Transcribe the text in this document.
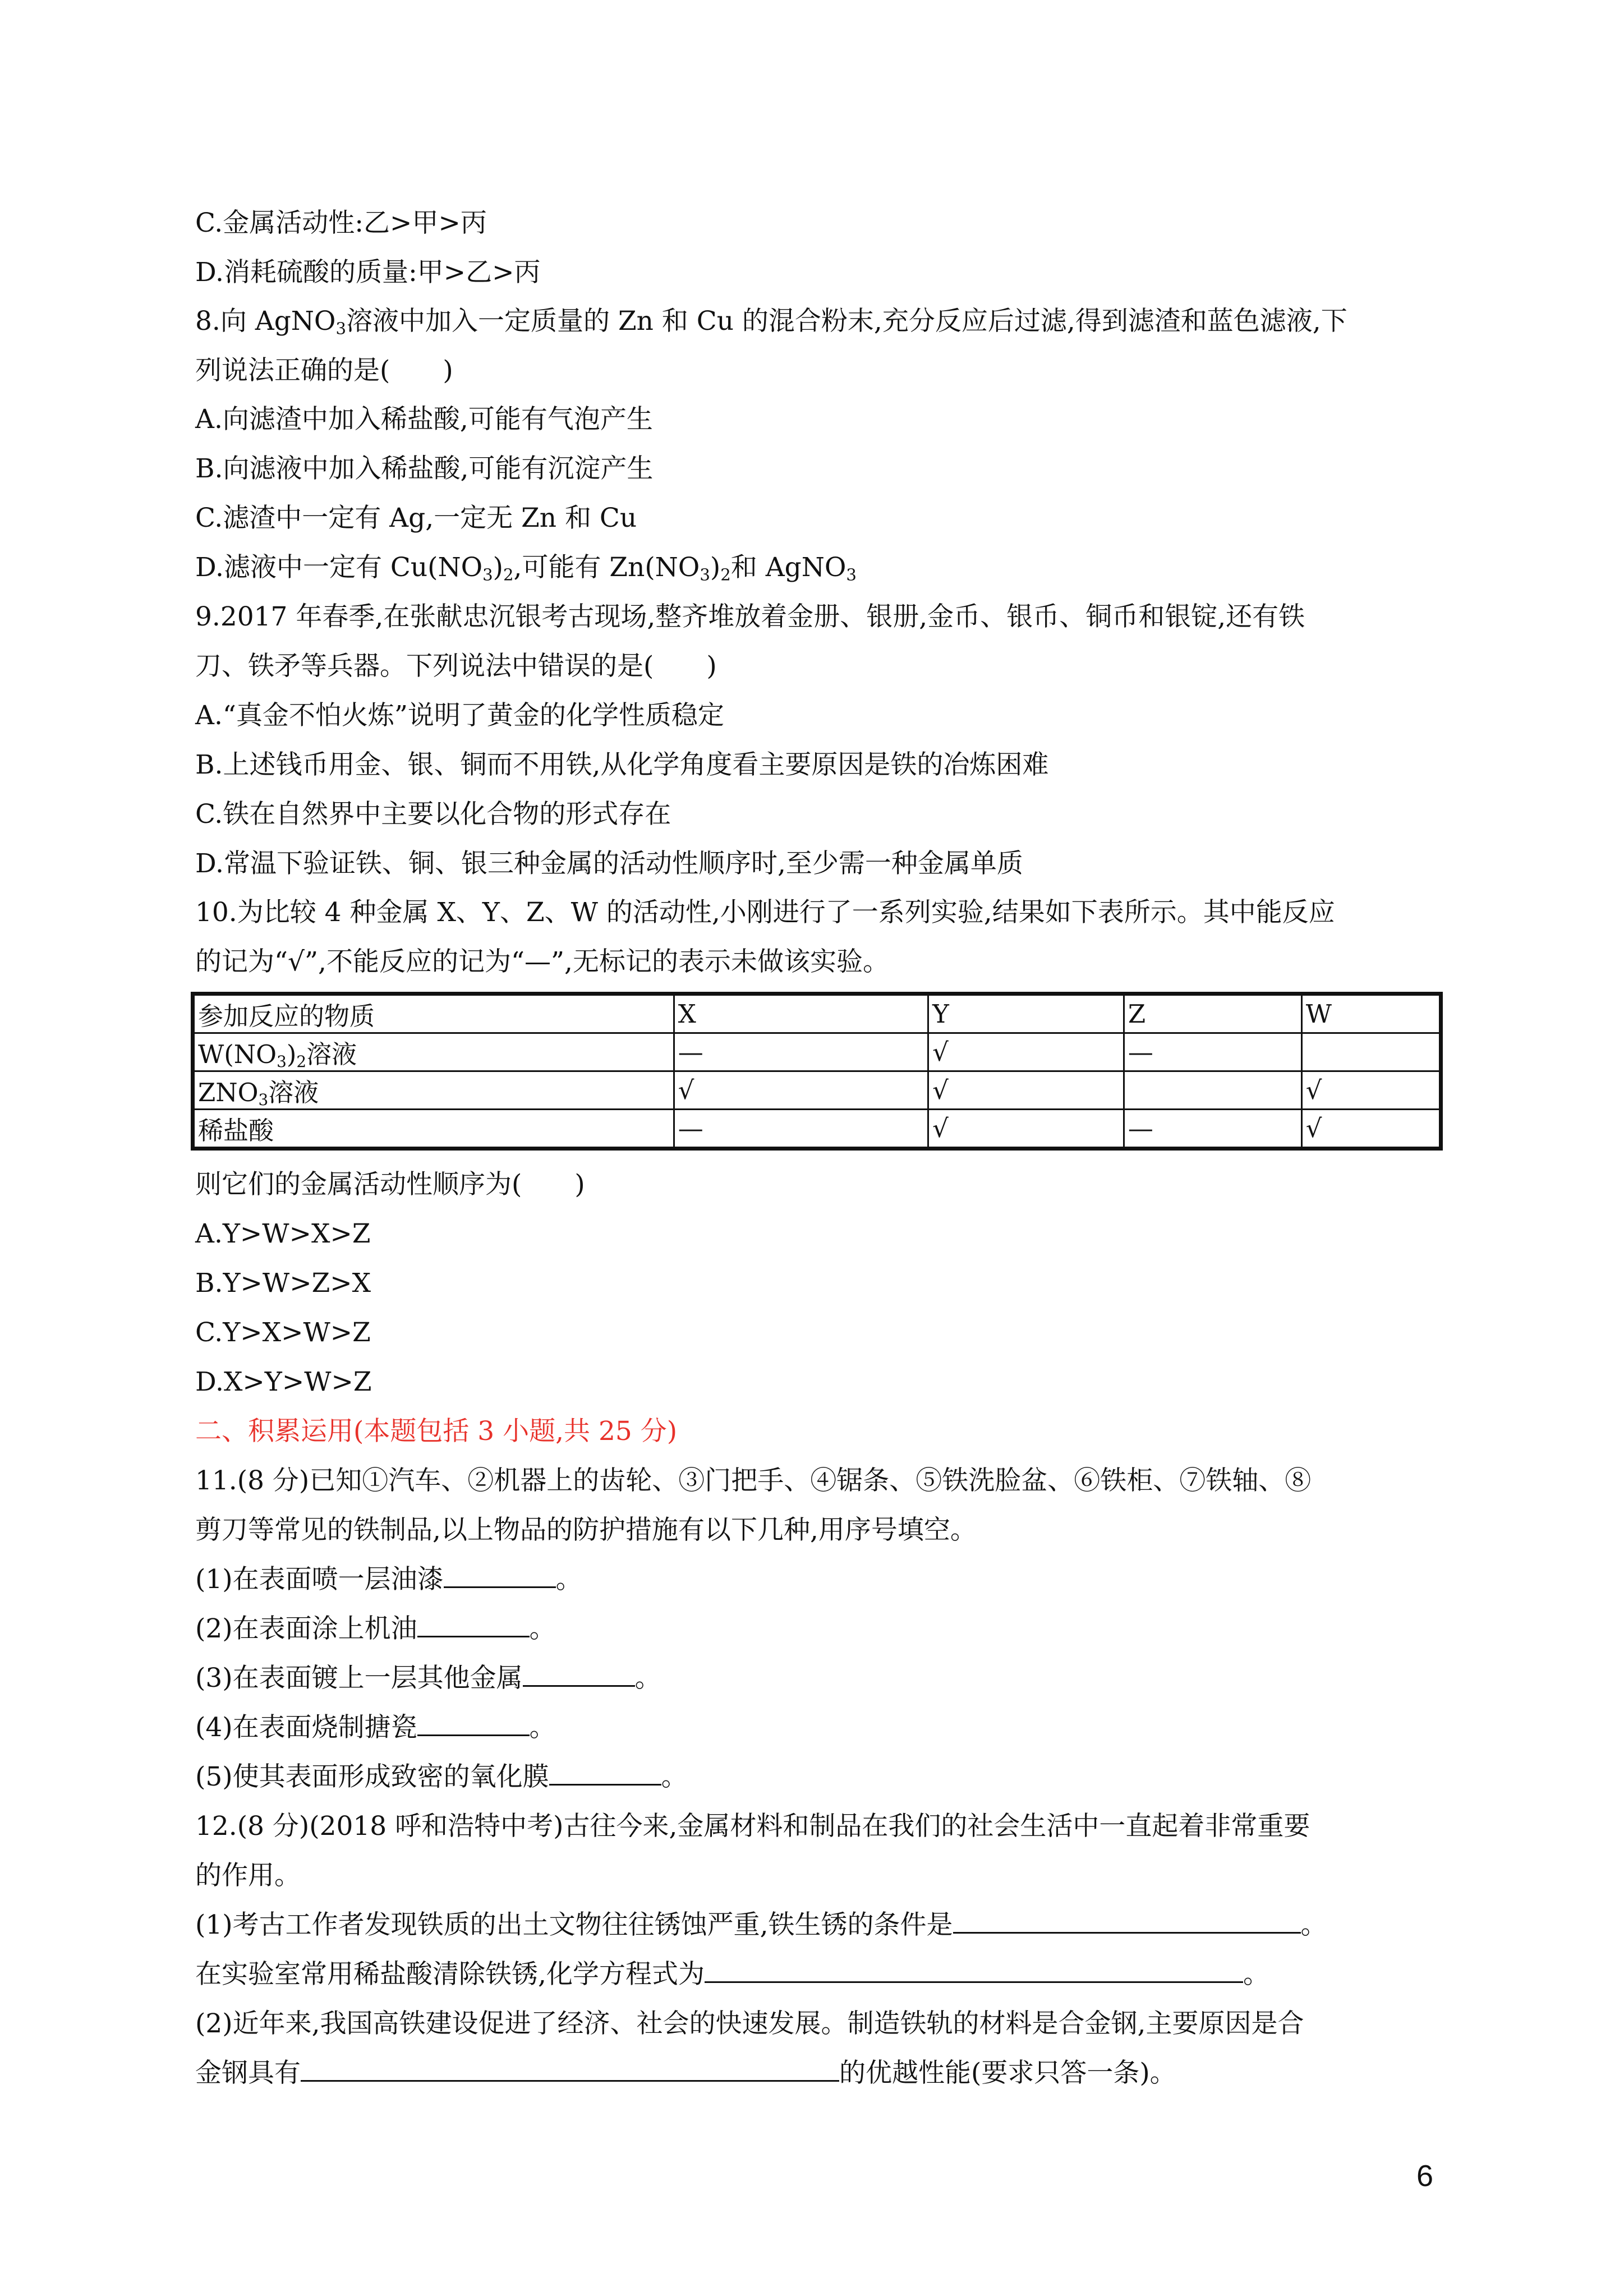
C.金属活动性:乙>甲>丙
D.消耗硫酸的质量:甲>乙>丙
8.向 AgNO$_3$溶液中加入一定质量的 Zn 和 Cu 的混合粉末,充分反应后过滤,得到滤渣和蓝色滤液,下
列说法正确的是(　　)
A.向滤渣中加入稀盐酸,可能有气泡产生
B.向滤液中加入稀盐酸,可能有沉淀产生
C.滤渣中一定有 Ag,一定无 Zn 和 Cu
D.滤液中一定有 $Cu(NO_3)_2$,可能有 $Zn(NO_3)_2$和 AgNO$_3$
9.2017 年春季,在张献忠沉银考古现场,整齐堆放着金册、银册,金币、银币、铜币和银锭,还有铁
刀、铁矛等兵器。下列说法中错误的是(　　)
A.“真金不怕火炼”说明了黄金的化学性质稳定
B.上述钱币用金、银、铜而不用铁,从化学角度看主要原因是铁的冶炼困难
C.铁在自然界中主要以化合物的形式存在
D.常温下验证铁、铜、银三种金属的活动性顺序时,至少需一种金属单质
10.为比较 4 种金属 X、Y、Z、W 的活动性,小刚进行了一系列实验,结果如下表所示。其中能反应
的记为“√”,不能反应的记为“—”,无标记的表示未做该实验。
参加反应的物质	X	Y	Z	W
$W(NO_3)_2$溶液	—	√	—	
$ZNO_3$溶液	√	√		√
稀盐酸	—	√	—	√
则它们的金属活动性顺序为(　　)
A.Y>W>X>Z
B.Y>W>Z>X
C.Y>X>W>Z
D.X>Y>W>Z
二、积累运用(本题包括 3 小题,共 25 分)
11.(8 分)已知①汽车、②机器上的齿轮、③门把手、④锯条、⑤铁洗脸盆、⑥铁柜、⑦铁轴、⑧
剪刀等常见的铁制品,以上物品的防护措施有以下几种,用序号填空。
(1)在表面喷一层油漆	。
(2)在表面涂上机油	。
(3)在表面镀上一层其他金属	。
(4)在表面烧制搪瓷	。
(5)使其表面形成致密的氧化膜	。
12.(8 分)(2018 呼和浩特中考)古往今来,金属材料和制品在我们的社会生活中一直起着非常重要
的作用。
(1)考古工作者发现铁质的出土文物往往锈蚀严重,铁生锈的条件是	。
在实验室常用稀盐酸清除铁锈,化学方程式为	。
(2)近年来,我国高铁建设促进了经济、社会的快速发展。制造铁轨的材料是合金钢,主要原因是合
金钢具有	的优越性能(要求只答一条)。
6
